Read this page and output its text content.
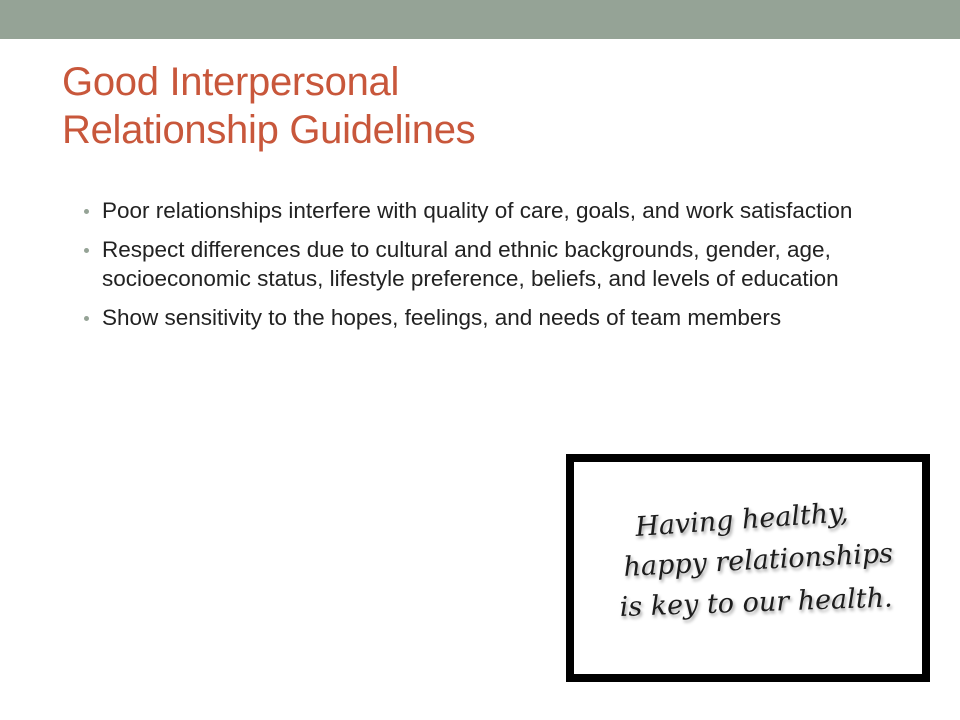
Good Interpersonal
Relationship Guidelines
Poor relationships interfere with quality of care, goals, and work satisfaction
Respect differences due to cultural and ethnic backgrounds, gender, age, socioeconomic status, lifestyle preference, beliefs, and levels of education
Show sensitivity to the hopes, feelings, and needs of team members
Having healthy,
happy relationships
is key to our health.
